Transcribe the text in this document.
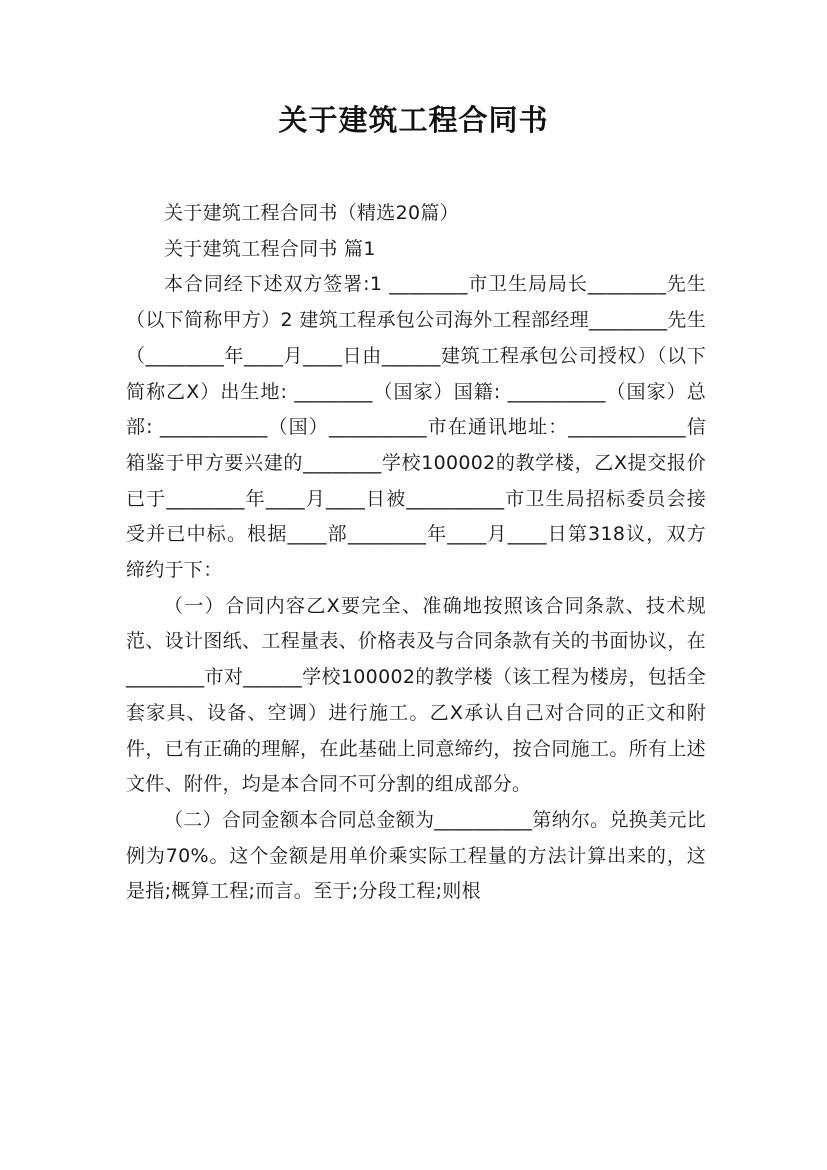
关于建筑工程合同书

关于建筑工程合同书（精选20篇）

关于建筑工程合同书 篇1

本合同经下述双方签署:1 ________市卫生局局长________先生（以下简称甲方）2 建筑工程承包公司海外工程部经理________先生（________年____月____日由______建筑工程承包公司授权）（以下简称乙X）出生地: ________（国家）国籍: __________（国家）总部: ___________（国）__________市在通讯地址：____________信箱鉴于甲方要兴建的________学校100002的教学楼，乙X提交报价已于________年____月____日被__________市卫生局招标委员会接受并已中标。根据____部________年____月____日第318议，双方缔约于下：

（一）合同内容乙X要完全、准确地按照该合同条款、技术规范、设计图纸、工程量表、价格表及与合同条款有关的书面协议，在________市对______学校100002的教学楼（该工程为楼房，包括全套家具、设备、空调）进行施工。乙X承认自己对合同的正文和附件，已有正确的理解，在此基础上同意缔约，按合同施工。所有上述文件、附件，均是本合同不可分割的组成部分。

（二）合同金额本合同总金额为__________第纳尔。兑换美元比例为70%。这个金额是用单价乘实际工程量的方法计算出来的，这是指;概算工程;而言。至于;分段工程;则根
